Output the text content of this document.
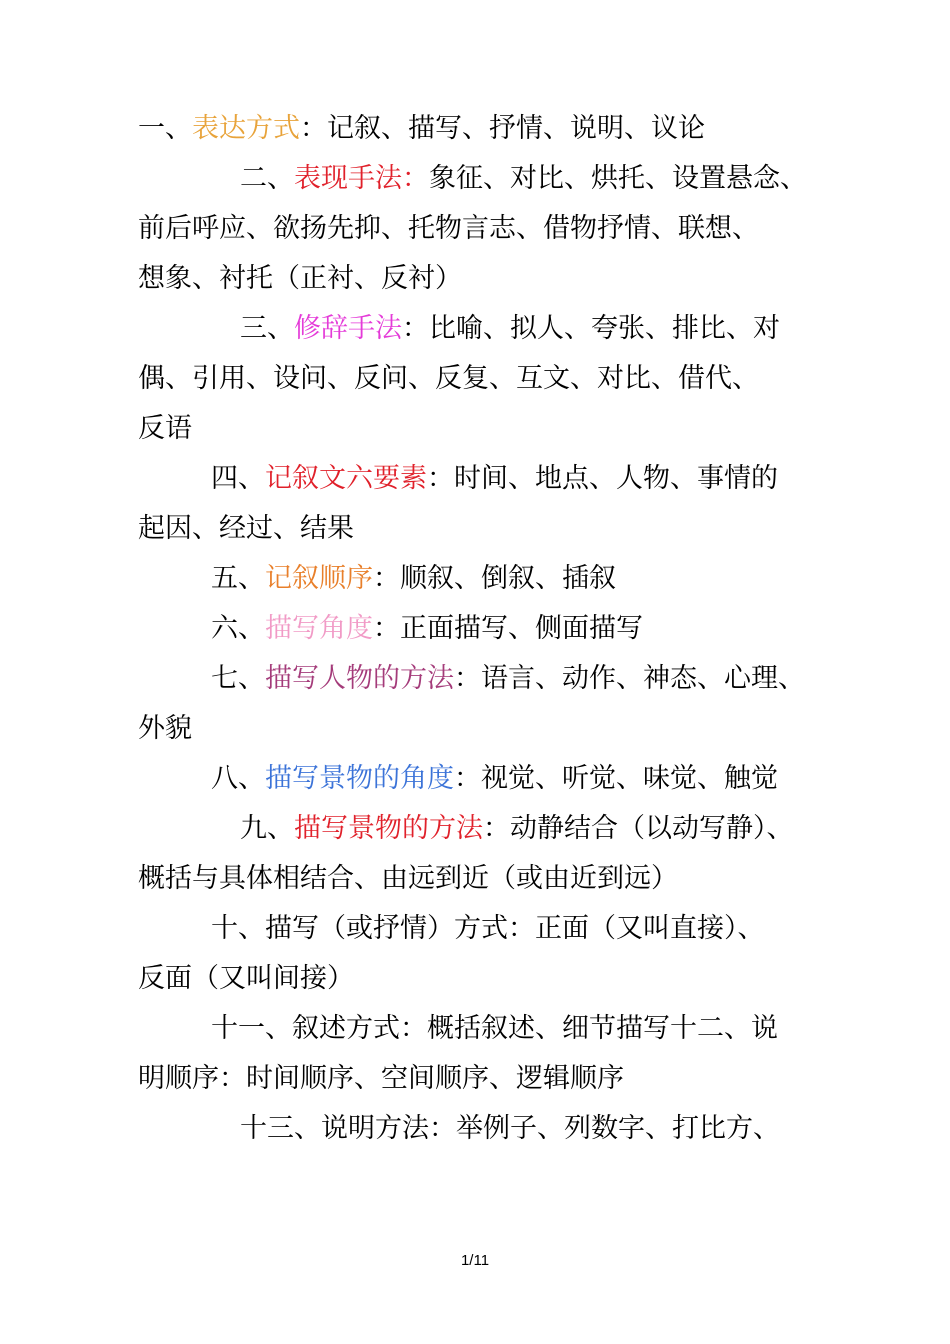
一、表达方式：记叙、描写、抒情、说明、议论
二、表现手法：象征、对比、烘托、设置悬念、
前后呼应、欲扬先抑、托物言志、借物抒情、联想、
想象、衬托（正衬、反衬）
三、修辞手法：比喻、拟人、夸张、排比、对
偶、引用、设问、反问、反复、互文、对比、借代、
反语
四、记叙文六要素：时间、地点、人物、事情的
起因、经过、结果
五、记叙顺序：顺叙、倒叙、插叙
六、描写角度：正面描写、侧面描写
七、描写人物的方法：语言、动作、神态、心理、
外貌
八、描写景物的角度：视觉、听觉、味觉、触觉
九、描写景物的方法：动静结合（以动写静）、
概括与具体相结合、由远到近（或由近到远）
十、描写（或抒情）方式：正面（又叫直接）、
反面（又叫间接）
十一、叙述方式：概括叙述、细节描写十二、说
明顺序：时间顺序、空间顺序、逻辑顺序
十三、说明方法：举例子、列数字、打比方、
1/11
